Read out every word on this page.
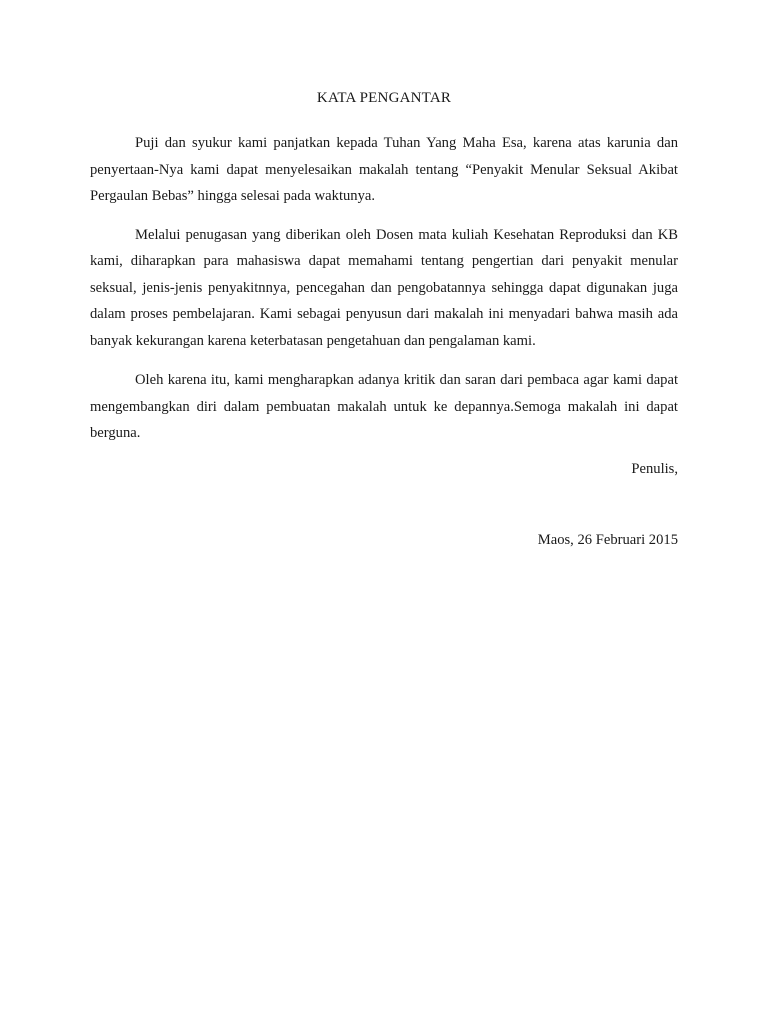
KATA PENGANTAR

Puji dan syukur kami panjatkan kepada Tuhan Yang Maha Esa, karena atas karunia dan penyertaan-Nya kami dapat menyelesaikan makalah tentang “Penyakit Menular Seksual Akibat Pergaulan Bebas” hingga selesai pada waktunya.

Melalui penugasan yang diberikan oleh Dosen mata kuliah Kesehatan Reproduksi dan KB kami, diharapkan para mahasiswa dapat memahami tentang pengertian dari penyakit menular seksual, jenis-jenis penyakitnnya, pencegahan dan pengobatannya sehingga dapat digunakan juga dalam proses pembelajaran. Kami sebagai penyusun dari makalah ini menyadari bahwa masih ada banyak kekurangan karena keterbatasan pengetahuan dan pengalaman kami.

Oleh karena itu, kami mengharapkan adanya kritik dan saran dari pembaca agar kami dapat mengembangkan diri dalam pembuatan makalah untuk ke depannya.Semoga makalah ini dapat berguna.

Penulis,

Maos, 26 Februari 2015
